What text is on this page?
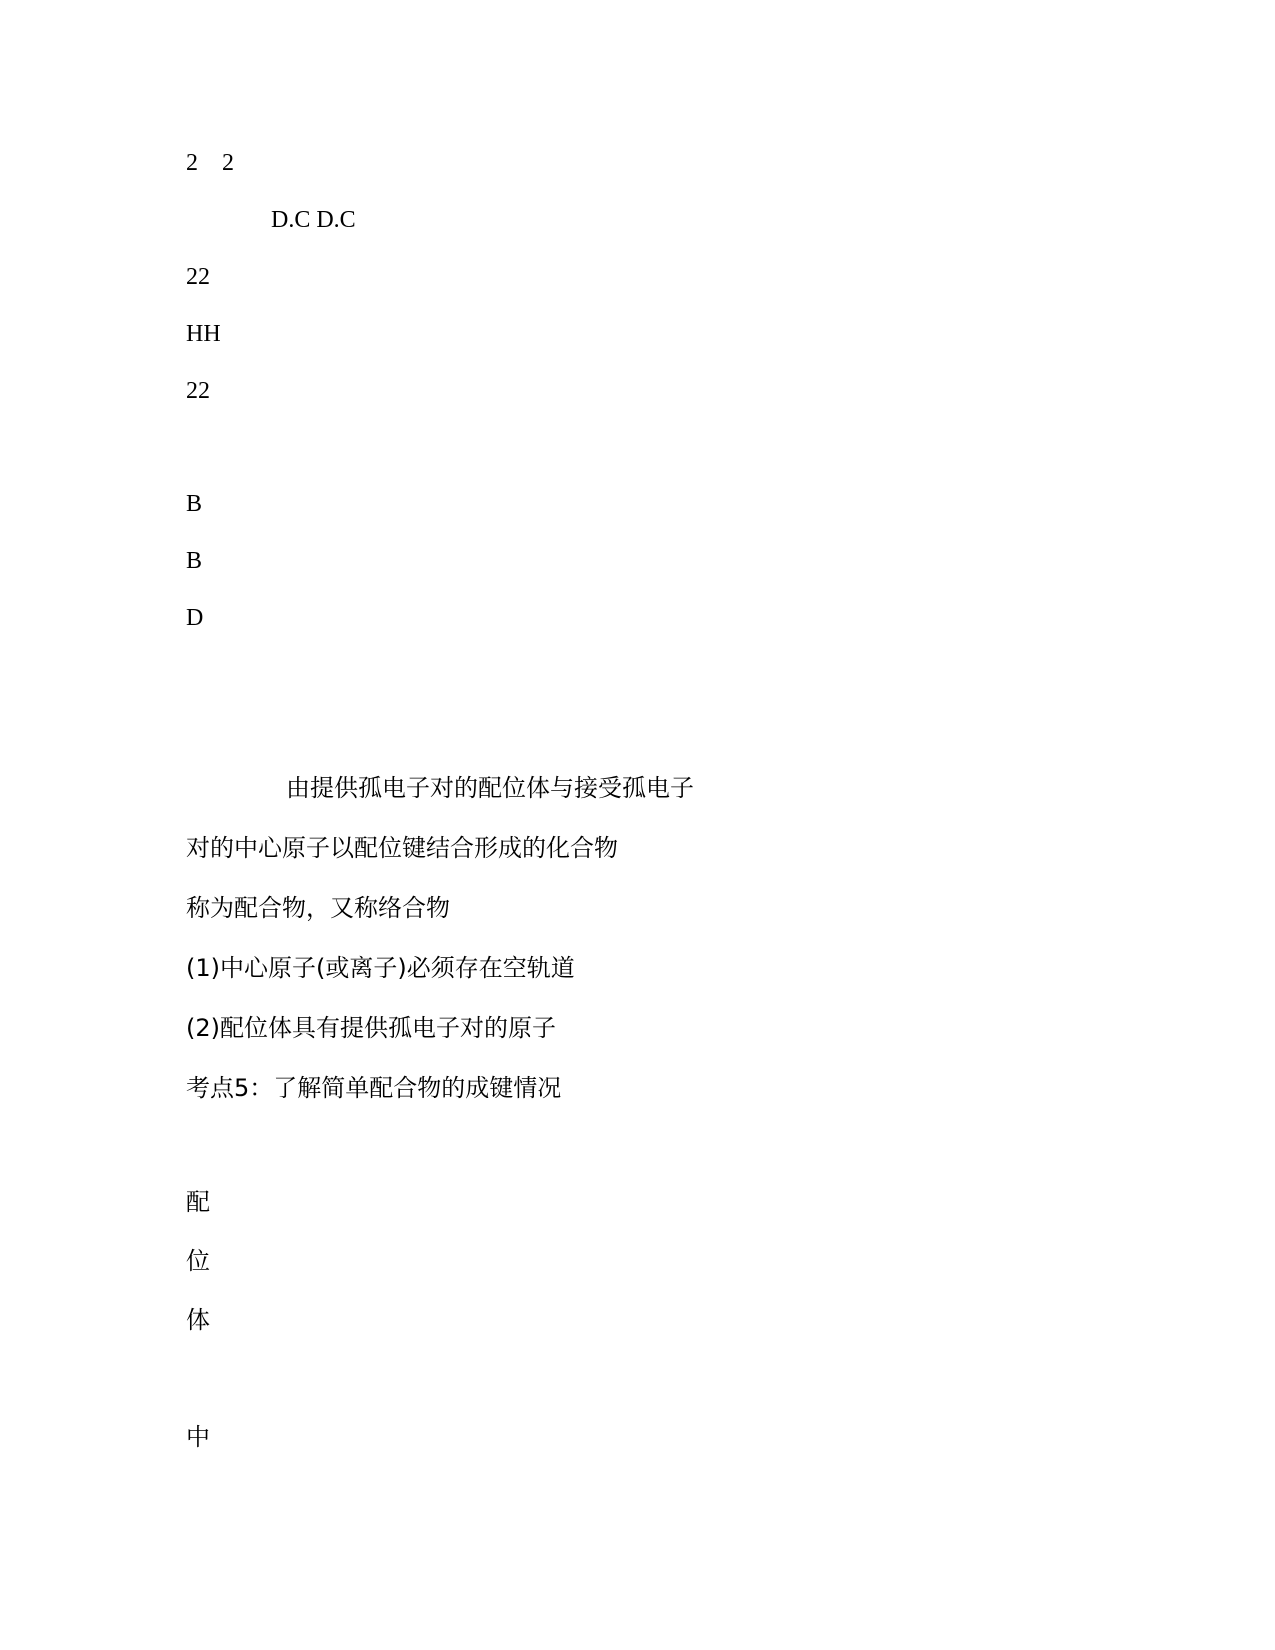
2    2
D.C D.C
22
HH
22
B
B
D
由提供孤电子对的配位体与接受孤电子
对的中心原子以配位键结合形成的化合物
称为配合物，又称络合物
(1)中心原子(或离子)必须存在空轨道
(2)配位体具有提供孤电子对的原子
考点5：了解简单配合物的成键情况
配
位
体
中
